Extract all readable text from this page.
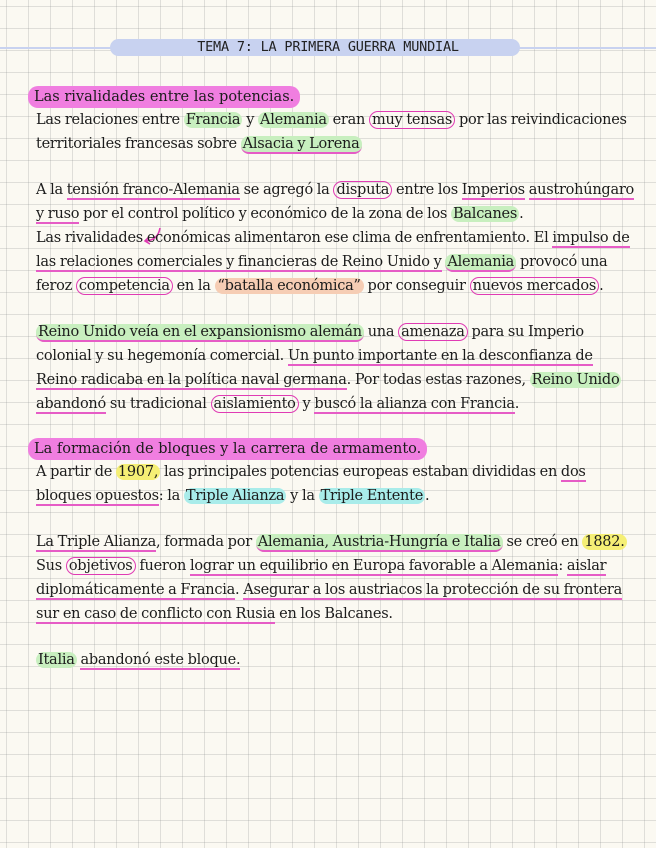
TEMA 7: LA PRIMERA GUERRA MUNDIAL
Las rivalidades entre las potencias.

Las relaciones entre Francia y Alemania eran muy tensas por las reivindicaciones territoriales francesas sobre Alsacia y Lorena

A la tensión franco-Alemania se agregó la disputa entre los Imperios austrohúngaro y ruso por el control político y económico de la zona de los Balcanes .

Las rivalidades económicas alimentaron ese clima de enfrentamiento. El impulso de las relaciones comerciales y financieras de Reino Unido y Alemania provocó una feroz competencia en la “batalla económica” por conseguir nuevos mercados .

Reino Unido veía en el expansionismo alemán una amenaza para su Imperio colonial y su hegemonía comercial. Un punto importante en la desconfianza de Reino radicaba en la política naval germana. Por todas estas razones, Reino Unido abandonó su tradicional aislamiento y buscó la alianza con Francia.

La formación de bloques y la carrera de armamento.

A partir de 1907, las principales potencias europeas estaban divididas en dos bloques opuestos: la Triple Alianza y la Triple Entente .

La Triple Alianza, formada por Alemania, Austria-Hungría e Italia se creó en 1882. Sus objetivos fueron lograr un equilibrio en Europa favorable a Alemania: aislar diplomáticamente a Francia. Asegurar a los austriacos la protección de su frontera sur en caso de conflicto con Rusia en los Balcanes.

Italia abandonó este bloque.
